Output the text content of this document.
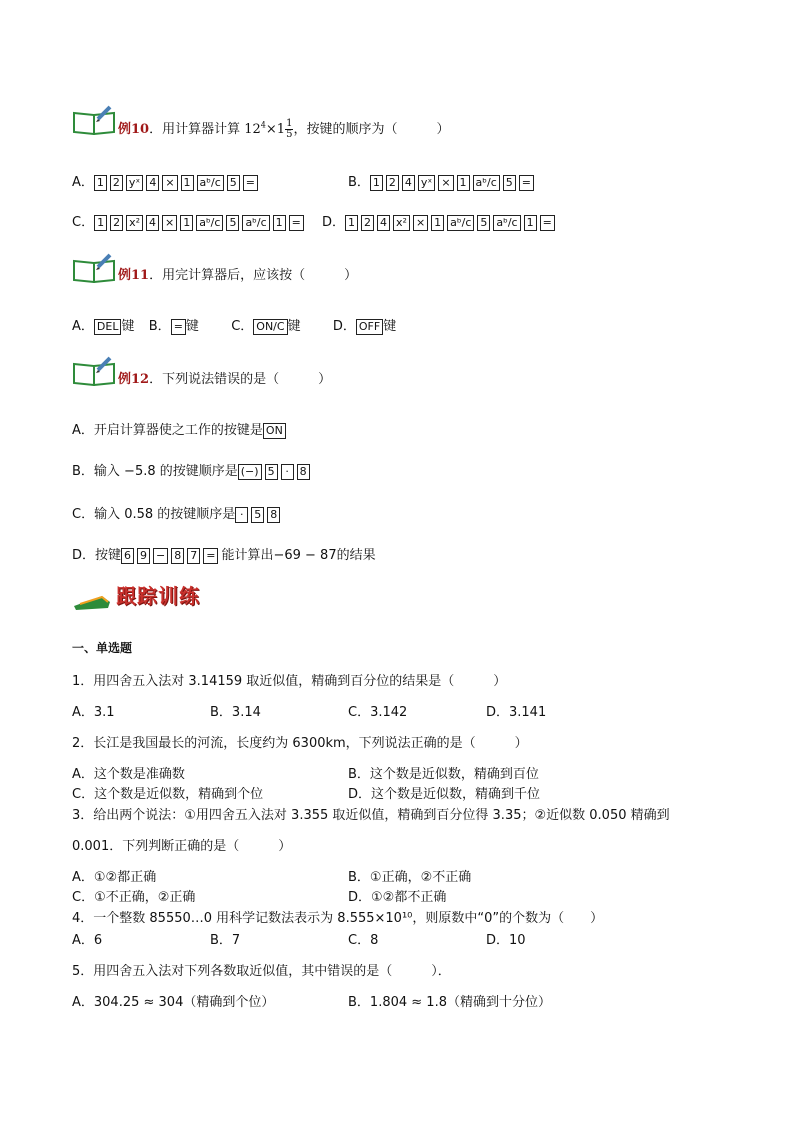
例10．用计算器计算 $12^4\times 1 \frac{1}{5}$ ，按键的顺序为（　　　）
A． 1 2 yˣ 4 × 1 aᵇ/c 5 =	B． 1 2 4 yˣ × 1 aᵇ/c 5 =
C． 1 2 x² 4 × 1 aᵇ/c 5 aᵇ/c 1 =	D． 1 2 4 x² × 1 aᵇ/c 5 aᵇ/c 1 =
例11．用完计算器后，应该按（　　　）
A． DEL 键 B． = 键 C． ON/C 键 D． OFF 键
例12．下列说法错误的是（　　　）
A．开启计算器使之工作的按键是 ON
B．输入 −5.8 的按键顺序是 (−) 5 · 8
C．输入 0.58 的按键顺序是 · 5 8
D．按键 6 9 − 8 7 = 能计算出−69 − 87的结果
跟踪训练
一、单选题
1．用四舍五入法对 3.14159 取近似值，精确到百分位的结果是（　　　）
A．3.1	B．3.14	C．3.142	D．3.141
2．长江是我国最长的河流，长度约为 6300km，下列说法正确的是（　　　）
A．这个数是准确数	B．这个数是近似数，精确到百位
C．这个数是近似数，精确到个位	D．这个数是近似数，精确到千位
3．给出两个说法：①用四舍五入法对 3.355 取近似值，精确到百分位得 3.35；②近似数 0.050 精确到
0.001．下列判断正确的是（　　　）
A．①②都正确	B．①正确，②不正确
C．①不正确，②正确	D．①②都不正确
4．一个整数 85550…0 用科学记数法表示为 8.555×10¹⁰，则原数中“0”的个数为（　　）
A．6	B．7	C．8	D．10
5．用四舍五入法对下列各数取近似值，其中错误的是（　　　）．
A．304.25 ≈ 304（精确到个位）	B．1.804 ≈ 1.8（精确到十分位）
